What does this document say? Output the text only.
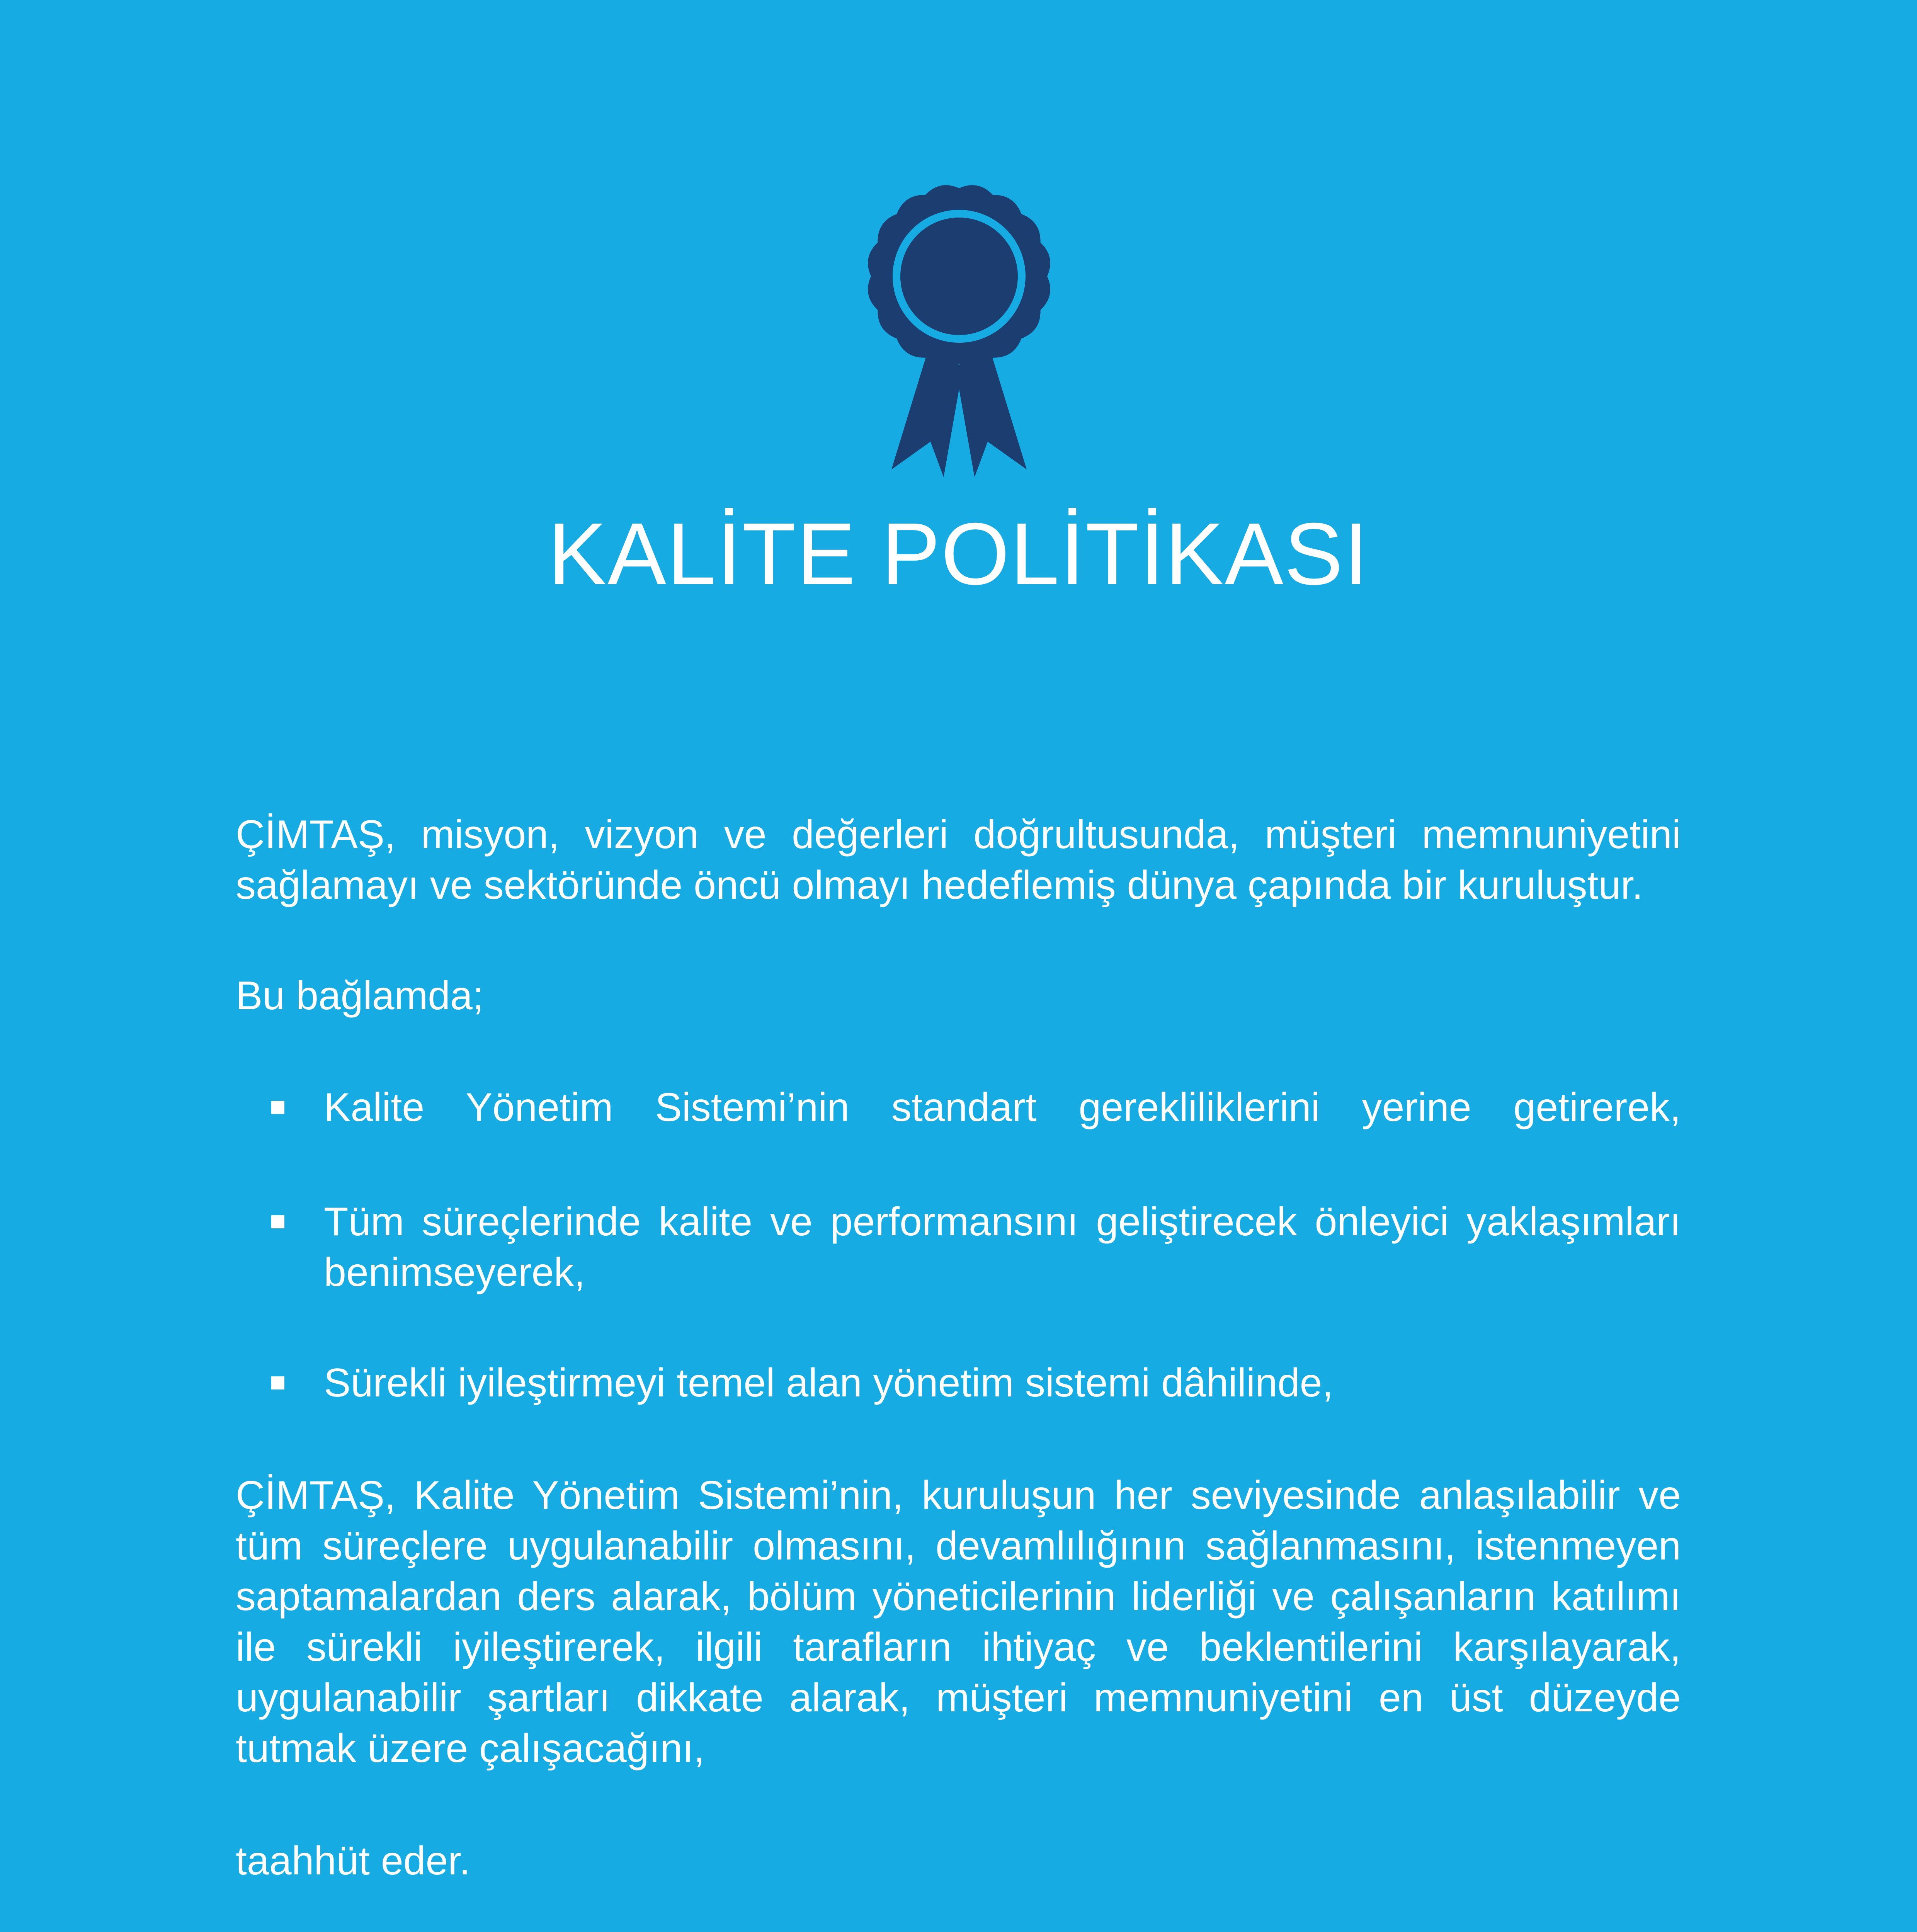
KALİTE POLİTİKASI

ÇİMTAŞ, misyon, vizyon ve değerleri doğrultusunda, müşteri memnuniyetini sağlamayı ve sektöründe öncü olmayı hedeflemiş dünya çapında bir kuruluştur.

Bu bağlamda;

Kalite Yönetim Sistemi’nin standart gerekliliklerini yerine getirerek,
Tüm süreçlerinde kalite ve performansını geliştirecek önleyici yaklaşımları benimseyerek,
Sürekli iyileştirmeyi temel alan yönetim sistemi dâhilinde,

ÇİMTAŞ, Kalite Yönetim Sistemi’nin, kuruluşun her seviyesinde anlaşılabilir ve tüm süreçlere uygulanabilir olmasını, devamlılığının sağlanmasını, istenmeyen saptamalardan ders alarak, bölüm yöneticilerinin liderliği ve çalışanların katılımı ile sürekli iyileştirerek, ilgili tarafların ihtiyaç ve beklentilerini karşılayarak, uygulanabilir şartları dikkate alarak, müşteri memnuniyetini en üst düzeyde tutmak üzere çalışacağını,

taahhüt eder.
